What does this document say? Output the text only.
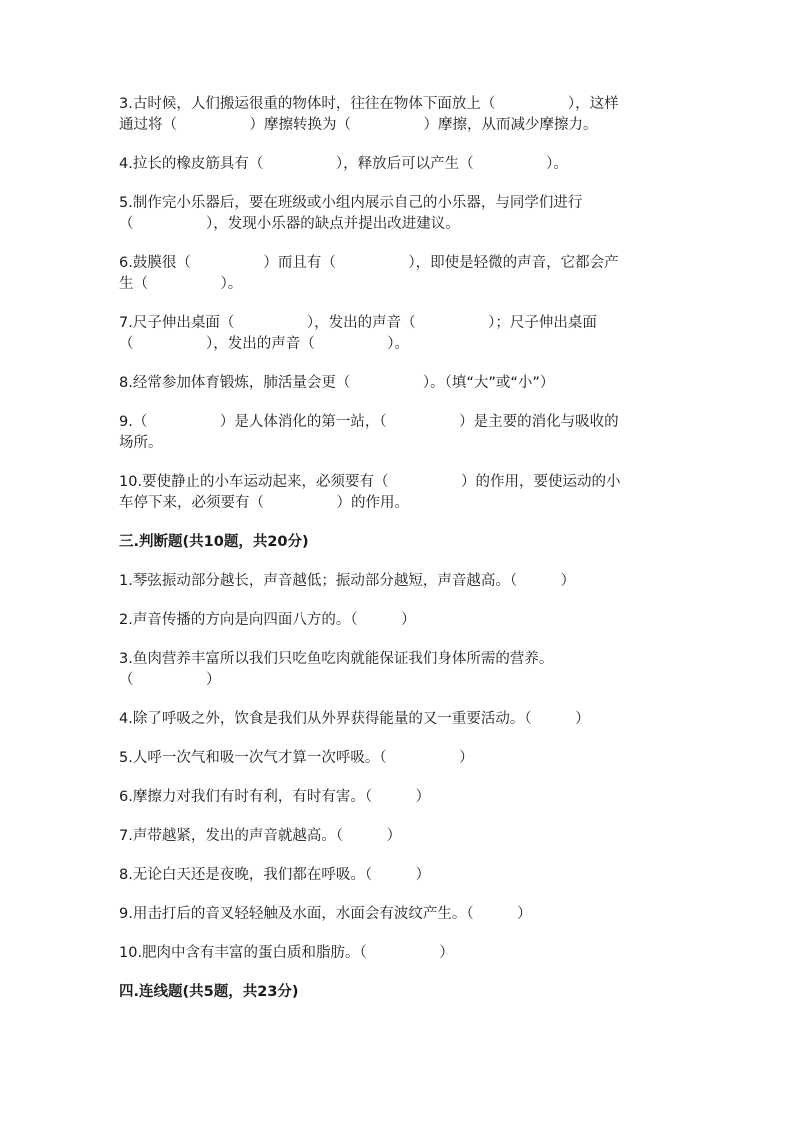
3.古时候，人们搬运很重的物体时，往往在物体下面放上（　　　　　），这样
通过将（　　　　　）摩擦转换为（　　　　　）摩擦，从而减少摩擦力。

4.拉长的橡皮筋具有（　　　　　），释放后可以产生（　　　　　）。

5.制作完小乐器后，要在班级或小组内展示自己的小乐器，与同学们进行
（　　　　　），发现小乐器的缺点并提出改进建议。

6.鼓膜很（　　　　　）而且有（　　　　　），即使是轻微的声音，它都会产
生（　　　　　）。

7.尺子伸出桌面（　　　　　），发出的声音（　　　　　）；尺子伸出桌面
（　　　　　），发出的声音（　　　　　）。

8.经常参加体育锻炼，肺活量会更（　　　　　）。（填“大”或“小”）

9.（　　　　　）是人体消化的第一站，（　　　　　）是主要的消化与吸收的
场所。

10.要使静止的小车运动起来，必须要有（　　　　　）的作用，要使运动的小
车停下来，必须要有（　　　　　）的作用。

三.判断题(共10题，共20分)

1.琴弦振动部分越长，声音越低；振动部分越短，声音越高。（　　　）

2.声音传播的方向是向四面八方的。（　　　）

3.鱼肉营养丰富所以我们只吃鱼吃肉就能保证我们身体所需的营养。
（　　　　　）

4.除了呼吸之外，饮食是我们从外界获得能量的又一重要活动。（　　　）

5.人呼一次气和吸一次气才算一次呼吸。（　　　　　）

6.摩擦力对我们有时有利，有时有害。（　　　）

7.声带越紧，发出的声音就越高。（　　　）

8.无论白天还是夜晚，我们都在呼吸。（　　　）

9.用击打后的音叉轻轻触及水面，水面会有波纹产生。（　　　）

10.肥肉中含有丰富的蛋白质和脂肪。（　　　　　）

四.连线题(共5题，共23分)
